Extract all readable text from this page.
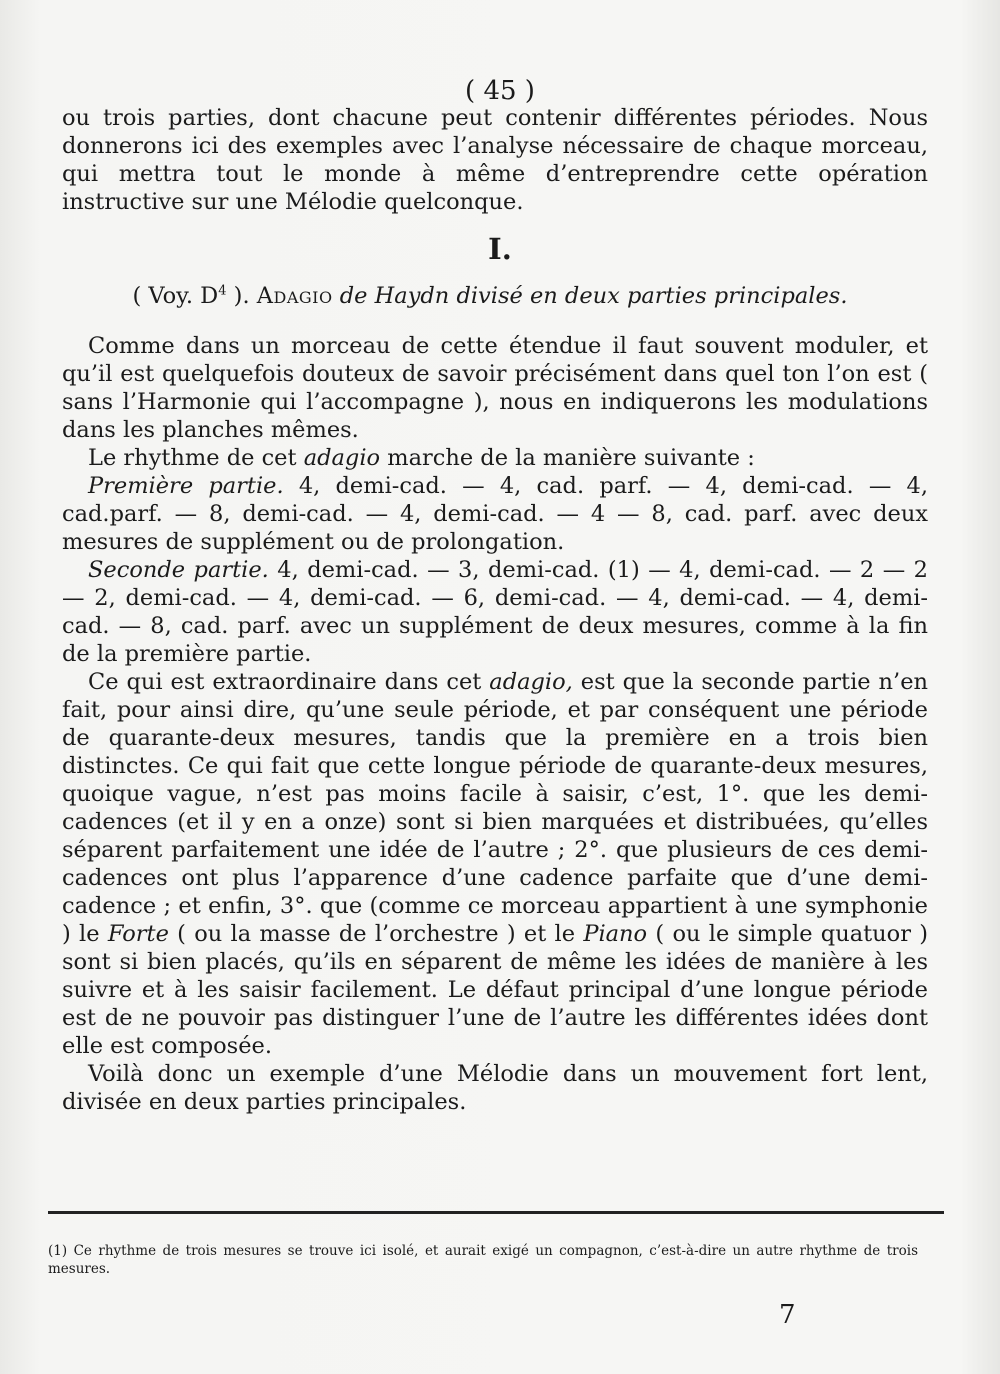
( 45 )

ou trois parties, dont chacune peut contenir différentes périodes. Nous donnerons ici des exemples avec l’analyse nécessaire de chaque morceau, qui mettra tout le monde à même d’entreprendre cette opération instructive sur une Mélodie quelconque.

I.
( Voy. $D^4$ ). Adagio de Haydn divisé en deux parties principales.

Comme dans un morceau de cette étendue il faut souvent moduler, et qu’il est quelquefois douteux de savoir précisément dans quel ton l’on est ( sans l’Harmonie qui l’accompagne ), nous en indiquerons les modulations dans les planches mêmes.

Le rhythme de cet adagio marche de la manière suivante :

Première partie. 4, demi-cad. — 4, cad. parf. — 4, demi-cad. — 4, cad.parf. — 8, demi-cad. — 4, demi-cad. — 4 — 8, cad. parf. avec deux mesures de supplément ou de prolongation.

Seconde partie. 4, demi-cad. — 3, demi-cad. (1) — 4, demi-cad. — 2 — 2 — 2, demi-cad. — 4, demi-cad. — 6, demi-cad. — 4, demi-cad. — 4, demi-cad. — 8, cad. parf. avec un supplément de deux mesures, comme à la fin de la première partie.

Ce qui est extraordinaire dans cet adagio, est que la seconde partie n’en fait, pour ainsi dire, qu’une seule période, et par conséquent une période de quarante-deux mesures, tandis que la première en a trois bien distinctes. Ce qui fait que cette longue période de quarante-deux mesures, quoique vague, n’est pas moins facile à saisir, c’est, 1°. que les demi-cadences (et il y en a onze) sont si bien marquées et distribuées, qu’elles séparent parfaitement une idée de l’autre ; 2°. que plusieurs de ces demi-cadences ont plus l’apparence d’une cadence parfaite que d’une demi-cadence ; et enfin, 3°. que (comme ce morceau appartient à une symphonie ) le Forte ( ou la masse de l’orchestre ) et le Piano ( ou le simple quatuor ) sont si bien placés, qu’ils en séparent de même les idées de manière à les suivre et à les saisir facilement. Le défaut principal d’une longue période est de ne pouvoir pas distinguer l’une de l’autre les différentes idées dont elle est composée.

Voilà donc un exemple d’une Mélodie dans un mouvement fort lent, divisée en deux parties principales.

(1) Ce rhythme de trois mesures se trouve ici isolé, et aurait exigé un compagnon, c’est-à-dire un autre rhythme de trois mesures.
7
